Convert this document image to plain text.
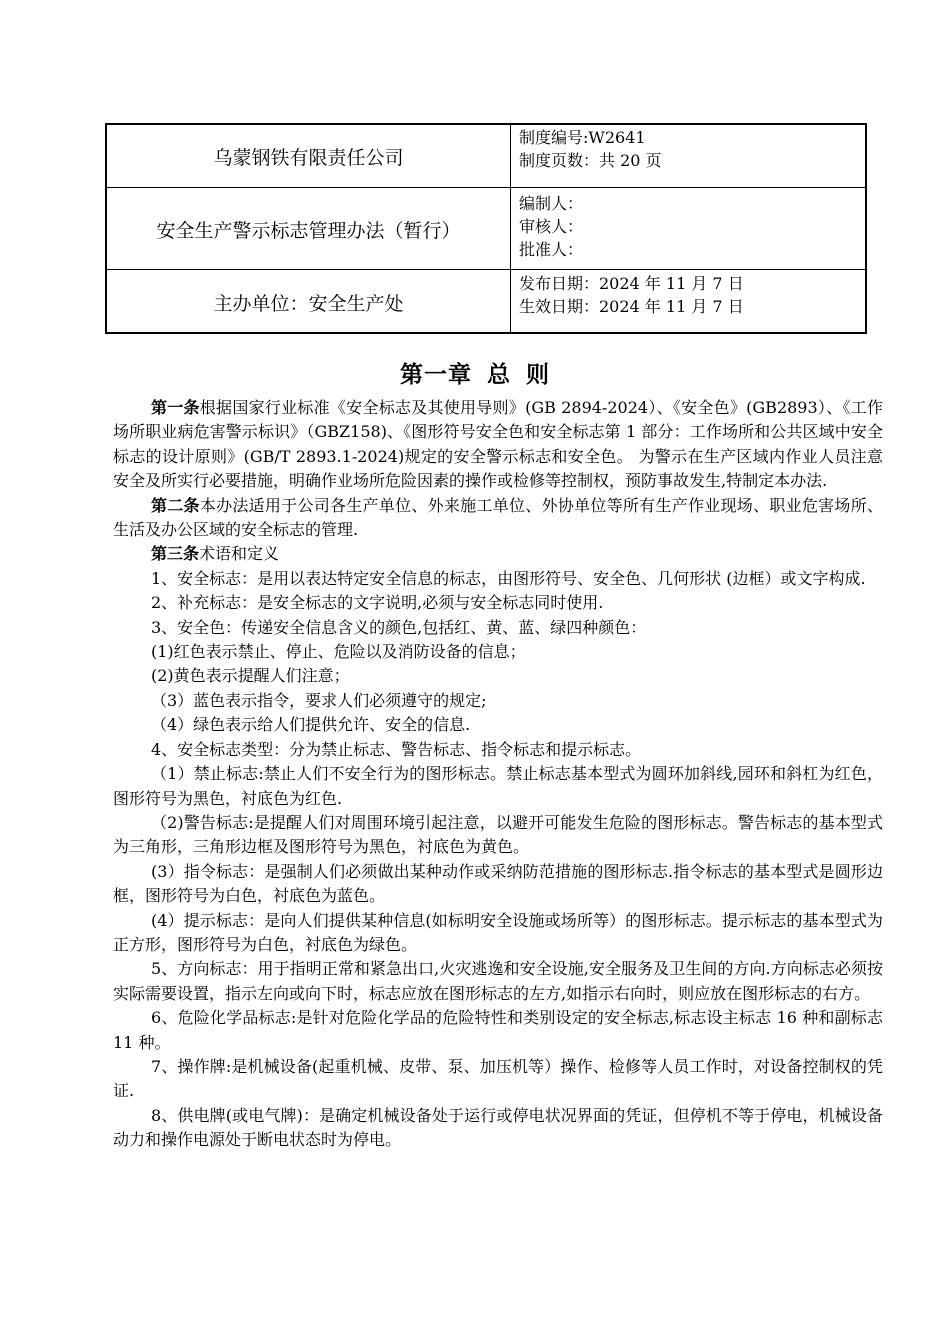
乌蒙钢铁有限责任公司
制度编号:W2641
制度页数：共 20 页
安全生产警示标志管理办法（暂行）
编制人：
审核人：
批准人：
主办单位：安全生产处
发布日期：2024 年 11 月 7 日
生效日期：2024 年 11 月 7 日
第一章 总 则

第一条根据国家行业标准《安全标志及其使用导则》(GB 2894-2024）、《安全色》(GB2893）、《工作场所职业病危害警示标识》（GBZ158)、《图形符号安全色和安全标志第 1 部分：工作场所和公共区域中安全标志的设计原则》(GB/T 2893.1-2024)规定的安全警示标志和安全色。 为警示在生产区域内作业人员注意安全及所实行必要措施，明确作业场所危险因素的操作或检修等控制权，预防事故发生,特制定本办法.

第二条本办法适用于公司各生产单位、外来施工单位、外协单位等所有生产作业现场、职业危害场所、生活及办公区域的安全标志的管理.

第三条术语和定义

1、安全标志：是用以表达特定安全信息的标志，由图形符号、安全色、几何形状 (边框）或文字构成.

2、补充标志：是安全标志的文字说明,必须与安全标志同时使用.

3、安全色：传递安全信息含义的颜色,包括红、黄、蓝、绿四种颜色：

(1)红色表示禁止、停止、危险以及消防设备的信息；

(2)黄色表示提醒人们注意；

（3）蓝色表示指令，要求人们必须遵守的规定;

（4）绿色表示给人们提供允许、安全的信息.

4、安全标志类型：分为禁止标志、警告标志、指令标志和提示标志。

（1）禁止标志:禁止人们不安全行为的图形标志。禁止标志基本型式为圆环加斜线,园环和斜杠为红色，图形符号为黑色，衬底色为红色.

（2)警告标志:是提醒人们对周围环境引起注意，以避开可能发生危险的图形标志。警告标志的基本型式为三角形，三角形边框及图形符号为黑色，衬底色为黄色。

(3）指令标志：是强制人们必须做出某种动作或采纳防范措施的图形标志.指令标志的基本型式是圆形边框，图形符号为白色，衬底色为蓝色。

(4）提示标志：是向人们提供某种信息(如标明安全设施或场所等）的图形标志。提示标志的基本型式为正方形，图形符号为白色，衬底色为绿色。

5、方向标志：用于指明正常和紧急出口,火灾逃逸和安全设施,安全服务及卫生间的方向.方向标志必须按实际需要设置，指示左向或向下时，标志应放在图形标志的左方,如指示右向时，则应放在图形标志的右方。

6、危险化学品标志:是针对危险化学品的危险特性和类别设定的安全标志,标志设主标志 16 种和副标志 11 种。

7、操作牌:是机械设备(起重机械、皮带、泵、加压机等）操作、检修等人员工作时，对设备控制权的凭证.

8、供电牌(或电气牌)：是确定机械设备处于运行或停电状况界面的凭证，但停机不等于停电，机械设备动力和操作电源处于断电状态时为停电。
